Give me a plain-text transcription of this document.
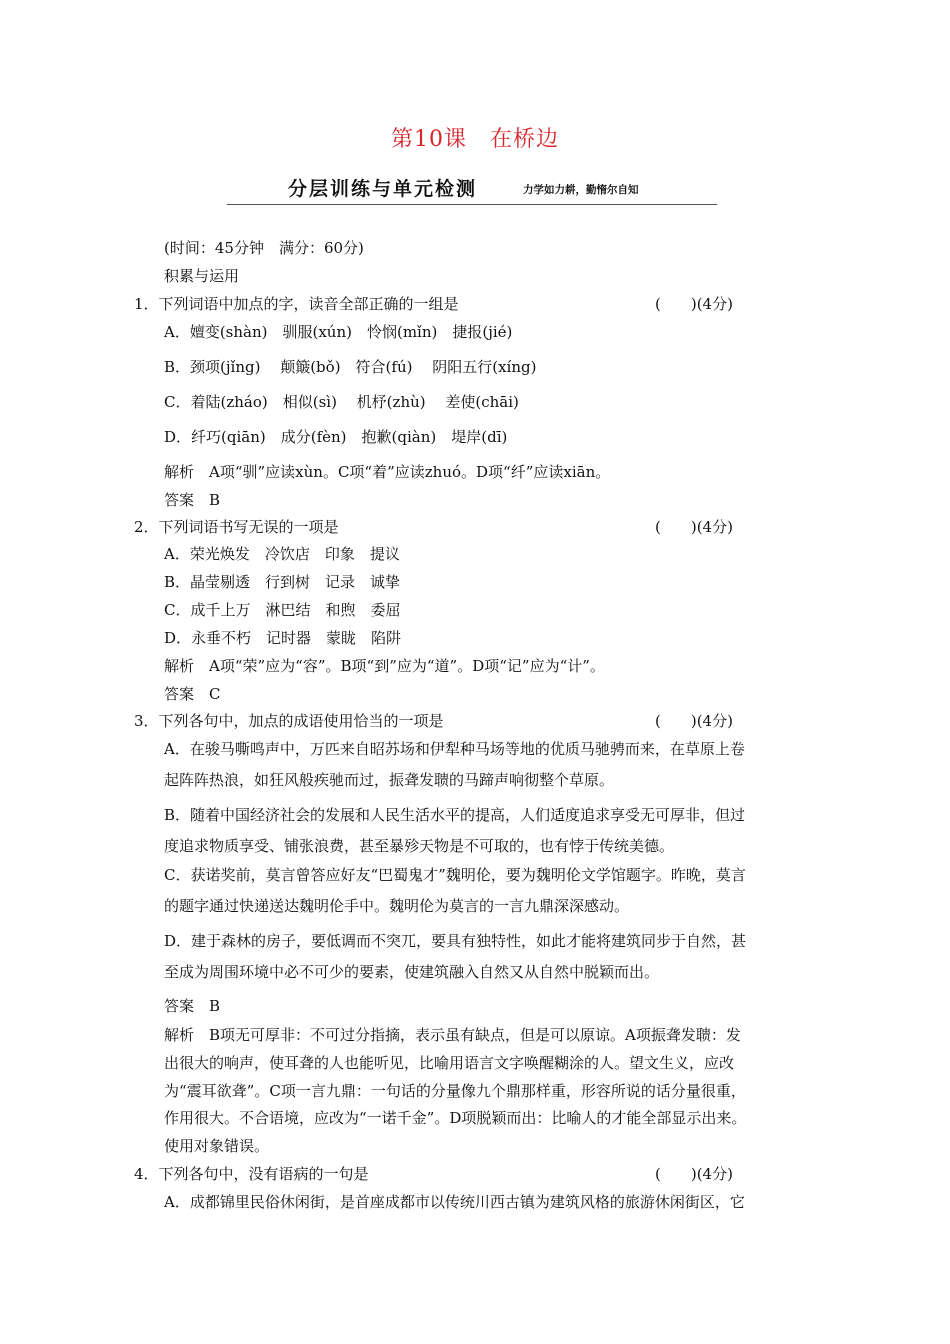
第10课　在桥边
分层训练与单元检测	力学如力耕，勤惰尔自知
(时间：45分钟　满分：60分)
积累与运用
1．下列词语中加点的字，读音全部正确的一组是	(　　)(4分)
A．嬗变(shàn)　驯服(xún)　怜悯(mǐn)　捷报(jié)
B．颈项(jǐng)　 颠簸(bǒ)　符合(fú)　 阴阳五行(xíng)
C．着陆(zháo)　相似(sì)　 机杼(zhù)　 差使(chāi)
D．纤巧(qiān)　成分(fèn)　抱歉(qiàn)　堤岸(dī)
解析　A项“驯”应读xùn。C项“着”应读zhuó。D项“纤”应读xiān。
答案　B
2．下列词语书写无误的一项是	(　　)(4分)
A．荣光焕发　冷饮店　印象　提议
B．晶莹剔透　行到树　记录　诚挚
C．成千上万　淋巴结　和煦　委屈
D．永垂不朽　记时器　蒙眬　陷阱
解析　A项“荣”应为“容”。B项“到”应为“道”。D项“记”应为“计”。
答案　C
3．下列各句中，加点的成语使用恰当的一项是	(　　)(4分)
A．在骏马嘶鸣声中，万匹来自昭苏场和伊犁种马场等地的优质马驰骋而来，在草原上卷
起阵阵热浪，如狂风般疾驰而过，振聋发聩的马蹄声响彻整个草原。
B．随着中国经济社会的发展和人民生活水平的提高，人们适度追求享受无可厚非，但过
度追求物质享受、铺张浪费，甚至暴殄天物是不可取的，也有悖于传统美德。
C．获诺奖前，莫言曾答应好友“巴蜀鬼才”魏明伦，要为魏明伦文学馆题字。昨晚，莫言
的题字通过快递送达魏明伦手中。魏明伦为莫言的一言九鼎深深感动。
D．建于森林的房子，要低调而不突兀，要具有独特性，如此才能将建筑同步于自然，甚
至成为周围环境中必不可少的要素，使建筑融入自然又从自然中脱颖而出。
答案　B
解析　B项无可厚非：不可过分指摘，表示虽有缺点，但是可以原谅。A项振聋发聩：发
出很大的响声，使耳聋的人也能听见，比喻用语言文字唤醒糊涂的人。望文生义，应改
为“震耳欲聋”。C项一言九鼎：一句话的分量像九个鼎那样重，形容所说的话分量很重，
作用很大。不合语境，应改为“一诺千金”。D项脱颖而出：比喻人的才能全部显示出来。
使用对象错误。
4．下列各句中，没有语病的一句是	(　　)(4分)
A．成都锦里民俗休闲街，是首座成都市以传统川西古镇为建筑风格的旅游休闲街区，它
